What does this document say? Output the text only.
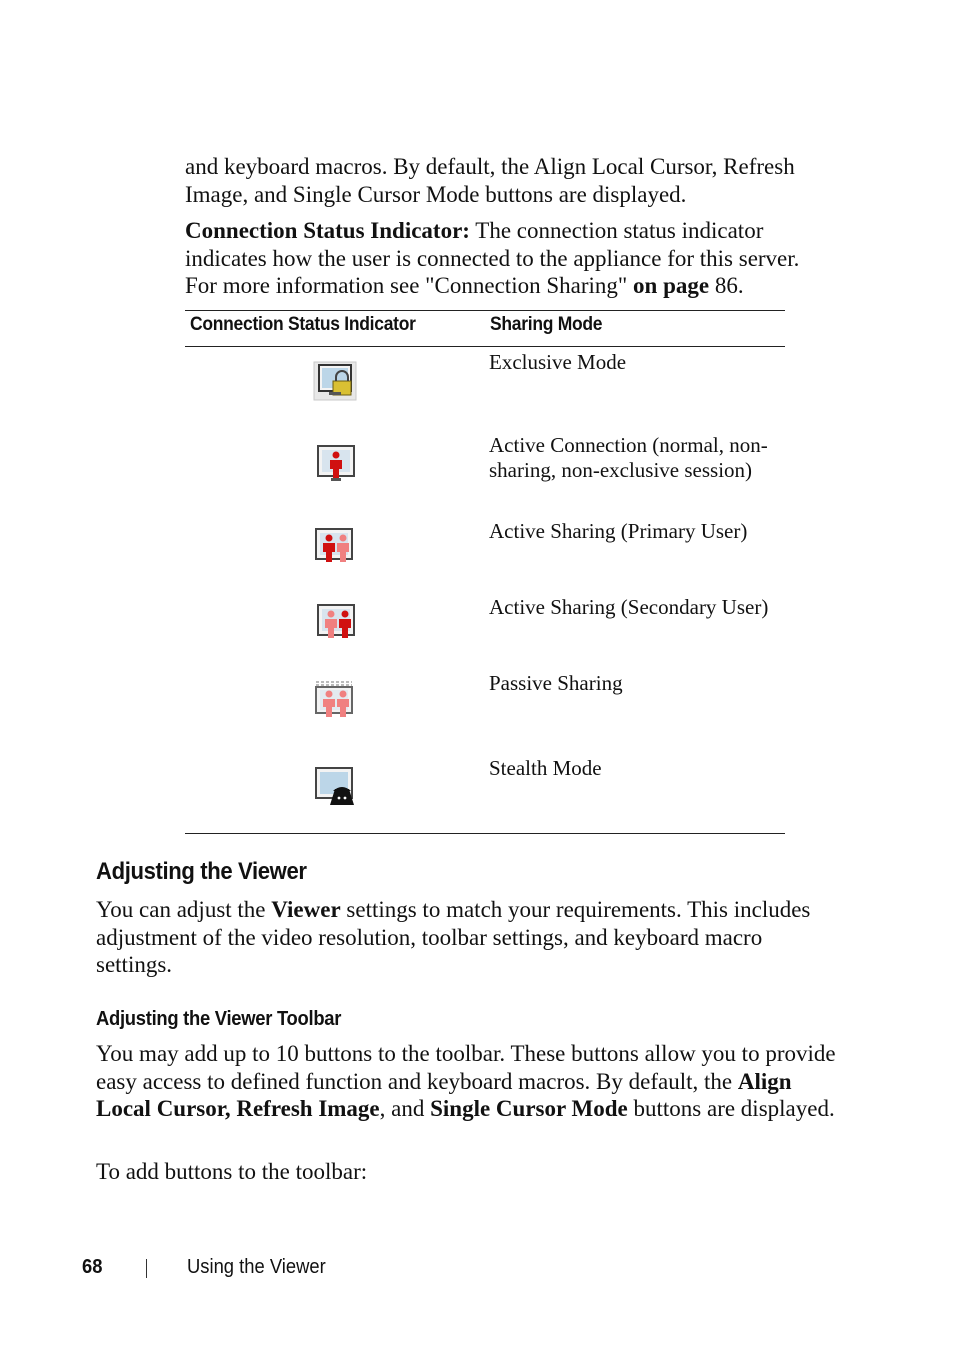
and keyboard macros. By default, the Align Local Cursor, Refresh Image, and Single Cursor Mode buttons are displayed.

Connection Status Indicator: The connection status indicator indicates how the user is connected to the appliance for this server. For more information see "Connection Sharing" on page 86.

Connection Status Indicator	Sharing Mode
Exclusive Mode
Active Connection (normal, non-sharing, non-exclusive session)
Active Sharing (Primary User)
Active Sharing (Secondary User)
Passive Sharing
Stealth Mode
Adjusting the Viewer

You can adjust the Viewer settings to match your requirements. This includes adjustment of the video resolution, toolbar settings, and keyboard macro settings.

Adjusting the Viewer Toolbar

You may add up to 10 buttons to the toolbar. These buttons allow you to provide easy access to defined function and keyboard macros. By default, the Align Local Cursor, Refresh Image, and Single Cursor Mode buttons are displayed.

To add buttons to the toolbar:

68	Using the Viewer
